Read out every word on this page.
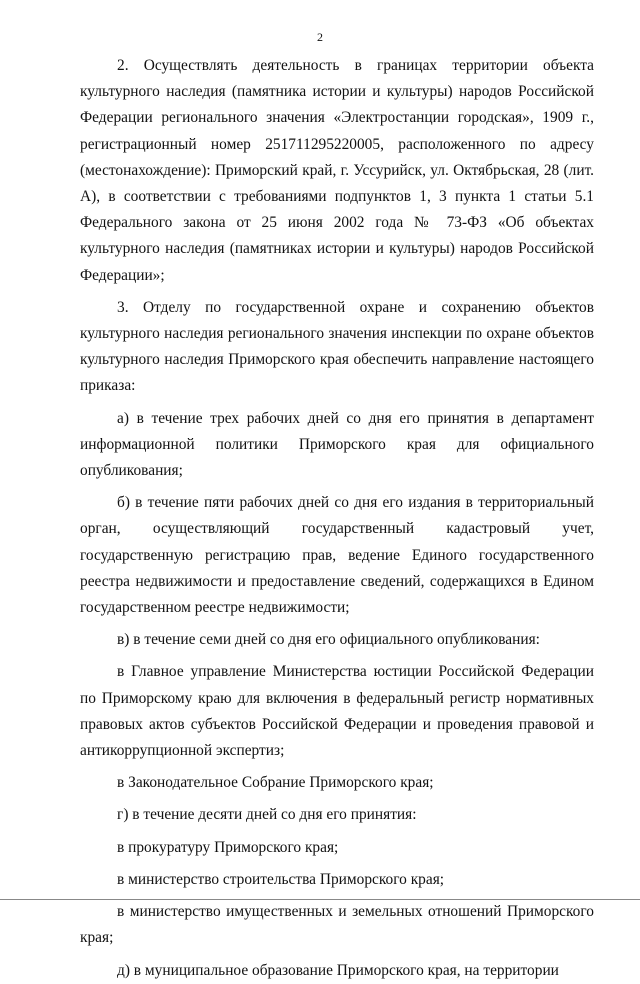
2

2. Осуществлять деятельность в границах территории объекта культурного наследия (памятника истории и культуры) народов Российской Федерации регионального значения «Электростанции городская», 1909 г., регистрационный номер 251711295220005, расположенного по адресу (местонахождение): Приморский край, г. Уссурийск, ул. Октябрьская, 28 (лит. А), в соответствии с требованиями подпунктов 1, 3 пункта 1 статьи 5.1 Федерального закона от 25 июня 2002 года № 73-ФЗ «Об объектах культурного наследия (памятниках истории и культуры) народов Российской Федерации»;

3. Отделу по государственной охране и сохранению объектов культурного наследия регионального значения инспекции по охране объектов культурного наследия Приморского края обеспечить направление настоящего приказа:

а) в течение трех рабочих дней со дня его принятия в департамент информационной политики Приморского края для официального опубликования;

б) в течение пяти рабочих дней со дня его издания в территориальный орган, осуществляющий государственный кадастровый учет, государственную регистрацию прав, ведение Единого государственного реестра недвижимости и предоставление сведений, содержащихся в Едином государственном реестре недвижимости;

в) в течение семи дней со дня его официального опубликования:

в Главное управление Министерства юстиции Российской Федерации по Приморскому краю для включения в федеральный регистр нормативных правовых актов субъектов Российской Федерации и проведения правовой и антикоррупционной экспертиз;

в Законодательное Собрание Приморского края;

г) в течение десяти дней со дня его принятия:

в прокуратуру Приморского края;

в министерство строительства Приморского края;

в министерство имущественных и земельных отношений Приморского края;

д) в муниципальное образование Приморского края, на территории
